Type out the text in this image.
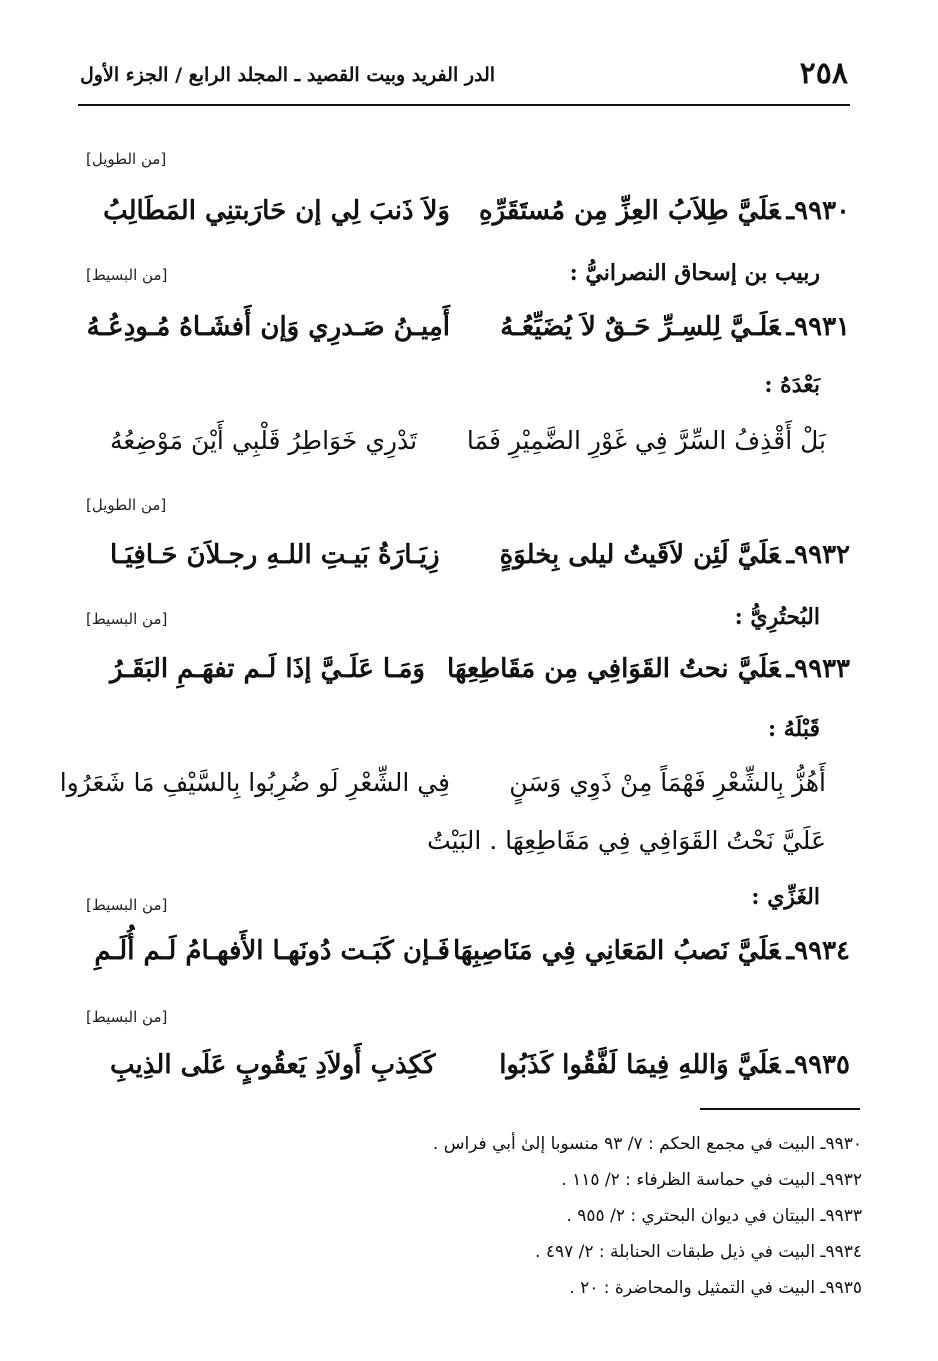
٢٥٨
الدر الفريد وبيت القصيد ـ المجلد الرابع / الجزء الأول
[من الطويل]
٩٩٣٠ـعَلَيَّ طِلاَبُ العِزِّ مِن مُستَقَرِّهِ
وَلاَ ذَنبَ لِي إن حَارَبتنِي المَطَالِبُ
ربيب بن إسحاق النصرانيُّ :
[من البسيط]
٩٩٣١ـعَلَـيَّ لِلسِـرِّ حَـقٌ لاَ يُضَيِّعُـهُ
أَمِيـنُ صَـدرِي وَإن أَفشَـاهُ مُـودِعُـهُ
بَعْدَهُ :
بَلْ أَقْذِفُ السِّرَّ فِي غَوْرِ الضَّمِيْرِ فَمَا
تَدْرِي خَوَاطِرُ قَلْبِي أَيْنَ مَوْضِعُهُ
[من الطويل]
٩٩٣٢ـعَلَيَّ لَئِن لاَقَيتُ ليلى بِخلوَةٍ
زِيَـارَةُ بَيـتِ اللـهِ رجـلاَنَ حَـافِيَـا
البُحتُرِيُّ :
[من البسيط]
٩٩٣٣ـعَلَيَّ نحتُ القَوَافِي مِن مَقَاطِعِهَا
وَمَـا عَلَـيَّ إذَا لَـم تفهَـمِ البَقَـرُ
قَبْلَهُ :
أَهُزُّ بِالشِّعْرِ فَهْمَاً مِنْ ذَوِي وَسَنٍ
فِي الشِّعْرِ لَو ضُرِبُوا بِالسَّيْفِ مَا شَعَرُوا
عَلَيَّ نَحْتُ القَوَافِي فِي مَقَاطِعِهَا . البَيْتُ
الغَزِّي :
[من البسيط]
٩٩٣٤ـعَلَيَّ نَصبُ المَعَانِي فِي مَنَاصِبِهَا
فَـإن كَبَـت دُونَهـا الأَفهـامُ لَـم أُلَـمِ
[من البسيط]
٩٩٣٥ـعَلَيَّ وَاللهِ فِيمَا لَفَّقُوا كَذَبُوا
كَكِذبِ أَولاَدِ يَعقُوبٍ عَلَى الذِيبِ
٩٩٣٠ـ البيت في مجمع الحكم : ٧/ ٩٣ منسوبا إلىٰ أبي فراس .
٩٩٣٢ـ البيت في حماسة الظرفاء : ٢/ ١١٥ .
٩٩٣٣ـ البيتان في ديوان البحتري : ٢/ ٩٥٥ .
٩٩٣٤ـ البيت في ذيل طبقات الحنابلة : ٢/ ٤٩٧ .
٩٩٣٥ـ البيت في التمثيل والمحاضرة : ٢٠ .
